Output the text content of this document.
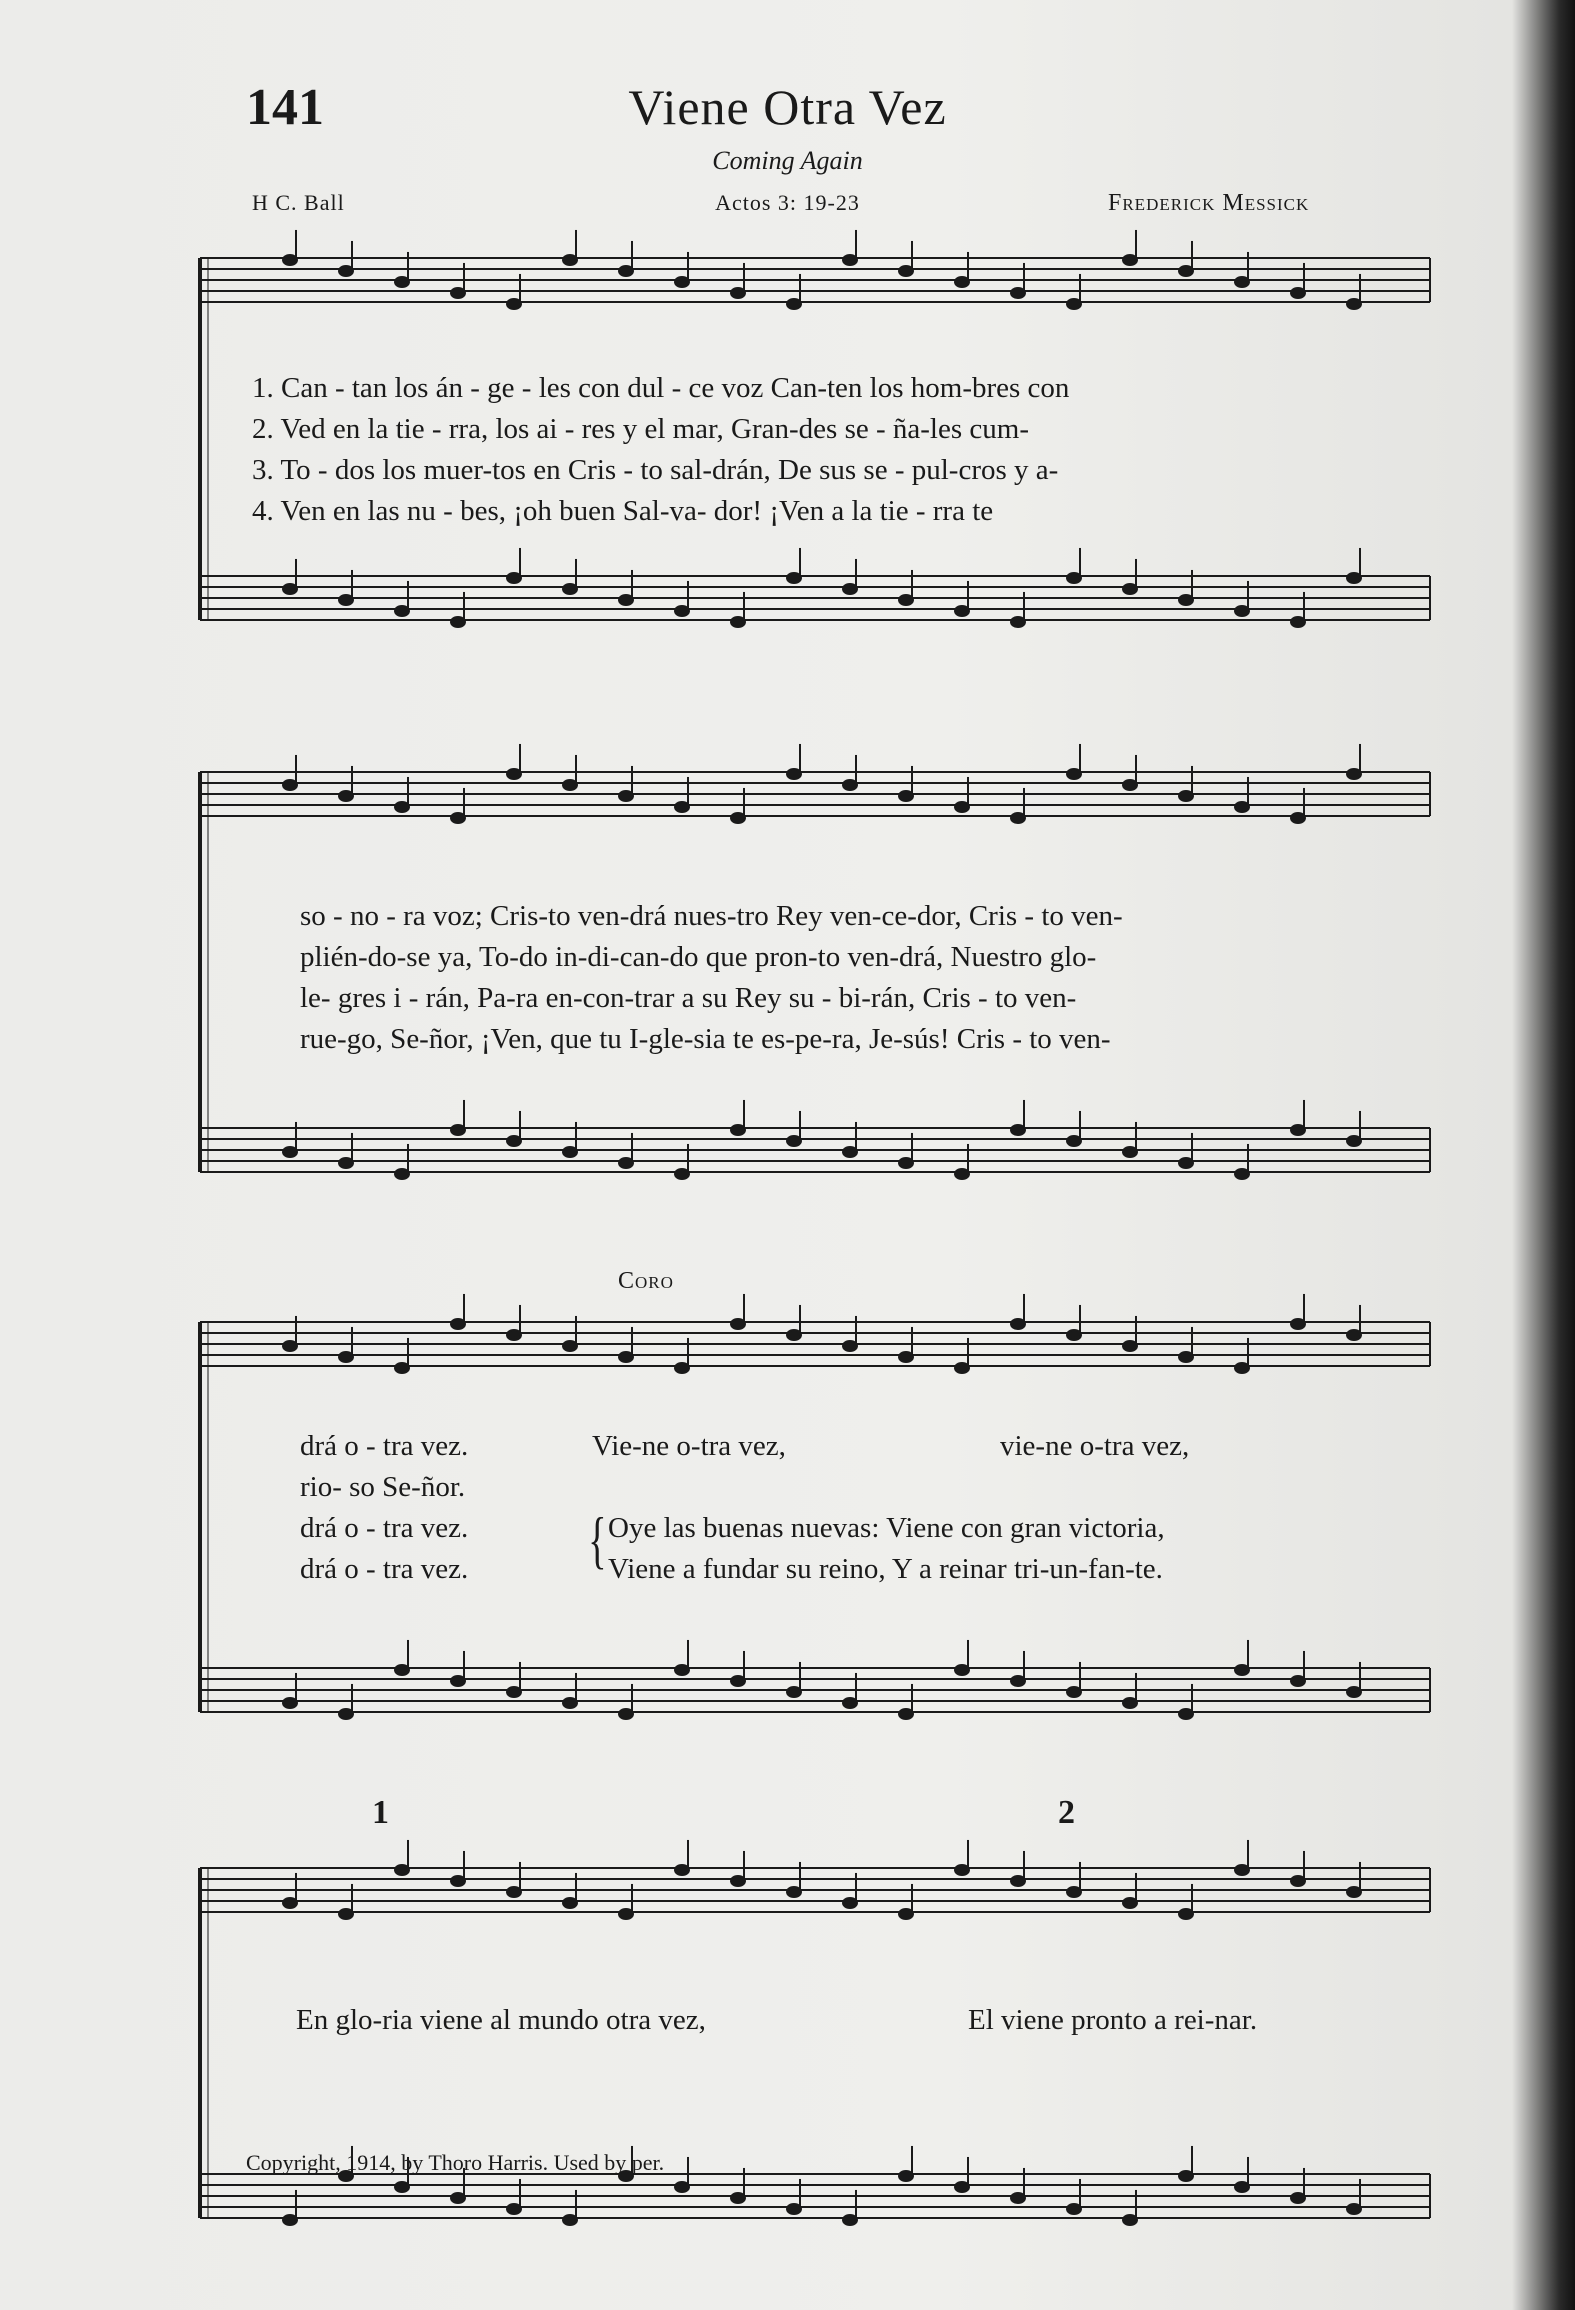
141	Viene Otra Vez
Coming Again
H C. Ball	Actos 3: 19-23	Frederick Messick
1. Can - tan los án - ge - les con dul - ce voz Can-ten los hom-bres con
2. Ved en la tie - rra, los ai - res y el mar, Gran-des se - ña-les cum-
3. To - dos los muer-tos en Cris - to sal-drán, De sus se - pul-cros y a-
4. Ven en las nu - bes, ¡oh buen Sal-va- dor! ¡Ven a la tie - rra te
so - no - ra voz; Cris-to ven-drá nues-tro Rey ven-ce-dor, Cris - to ven-
plién-do-se ya, To-do in-di-can-do que pron-to ven-drá, Nuestro glo-
le- gres i - rán, Pa-ra en-con-trar a su Rey su - bi-rán, Cris - to ven-
rue-go, Se-ñor, ¡Ven, que tu I-gle-sia te es-pe-ra, Je-sús! Cris - to ven-
Coro
drá o - tra vez.
rio- so Se-ñor.
drá o - tra vez.
drá o - tra vez.
Vie-ne o-tra vez,	vie-ne o-tra vez,
{ Oye las buenas nuevas: Viene con gran victoria,
Viene a fundar su reino, Y a reinar tri-un-fan-te.
1	2
En glo-ria viene al mundo otra vez,	El viene pronto a rei-nar.
Copyright, 1914, by Thoro Harris. Used by per.
